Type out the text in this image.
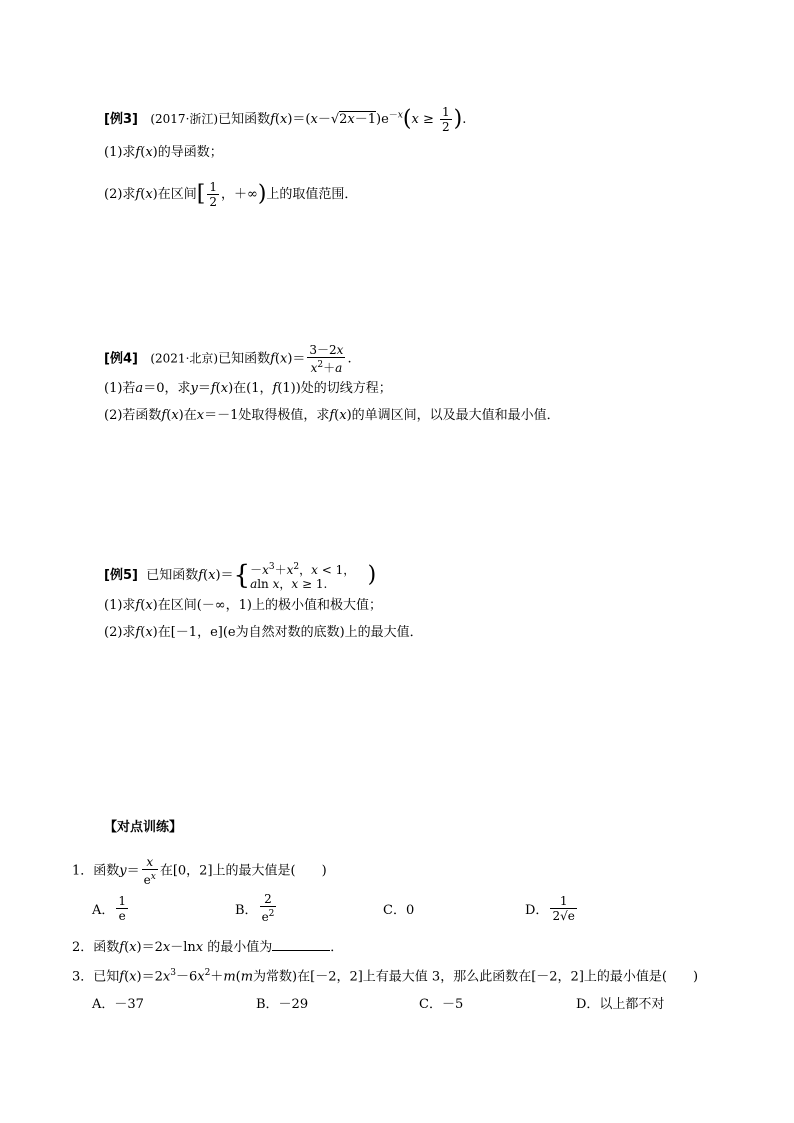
[例3] (2017·浙江)已知函数$f(x)=(x-√2x-1)e^{-x}(x \ge \frac{1}{2}$ ).
(1)求f(x)的导函数；
(2)求f(x)在区间[ $\frac{1}{2}$ ，＋∞)上的取值范围．
[例4] (2021·北京)已知函数$f(x)= \frac{3-2x}{x^2+a}$ .
(1)若a＝0，求y＝f(x)在(1，f(1))处的切线方程；
(2)若函数f(x)在x＝－1处取得极值，求f(x)的单调区间，以及最大值和最小值．
[例5]  已知函数$f(x)=\{ -x^3+x^2$，x < 1，
aln x，x ≥ 1.	)
(1)求f(x)在区间(－∞，1)上的极小值和极大值；
(2)求f(x)在[－1，e](e为自然对数的底数)上的最大值．
【对点训练】
1．函数$y= \frac{x}{e^x}$ 在[0，2]上的最大值是(　　)
A． $\frac{1}{e}$	B． $\frac{2}{e^2}$	C．0	D． $\frac{1}{2√e}$
2．函数f(x)＝2x－lnx 的最小值为	．
3．已知$f(x)=2x^3-6x^2+m(m$为常数)在[－2，2]上有最大值 3，那么此函数在[－2，2]上的最小值是(　　)
A．－37	B．－29	C．－5	D．以上都不对
